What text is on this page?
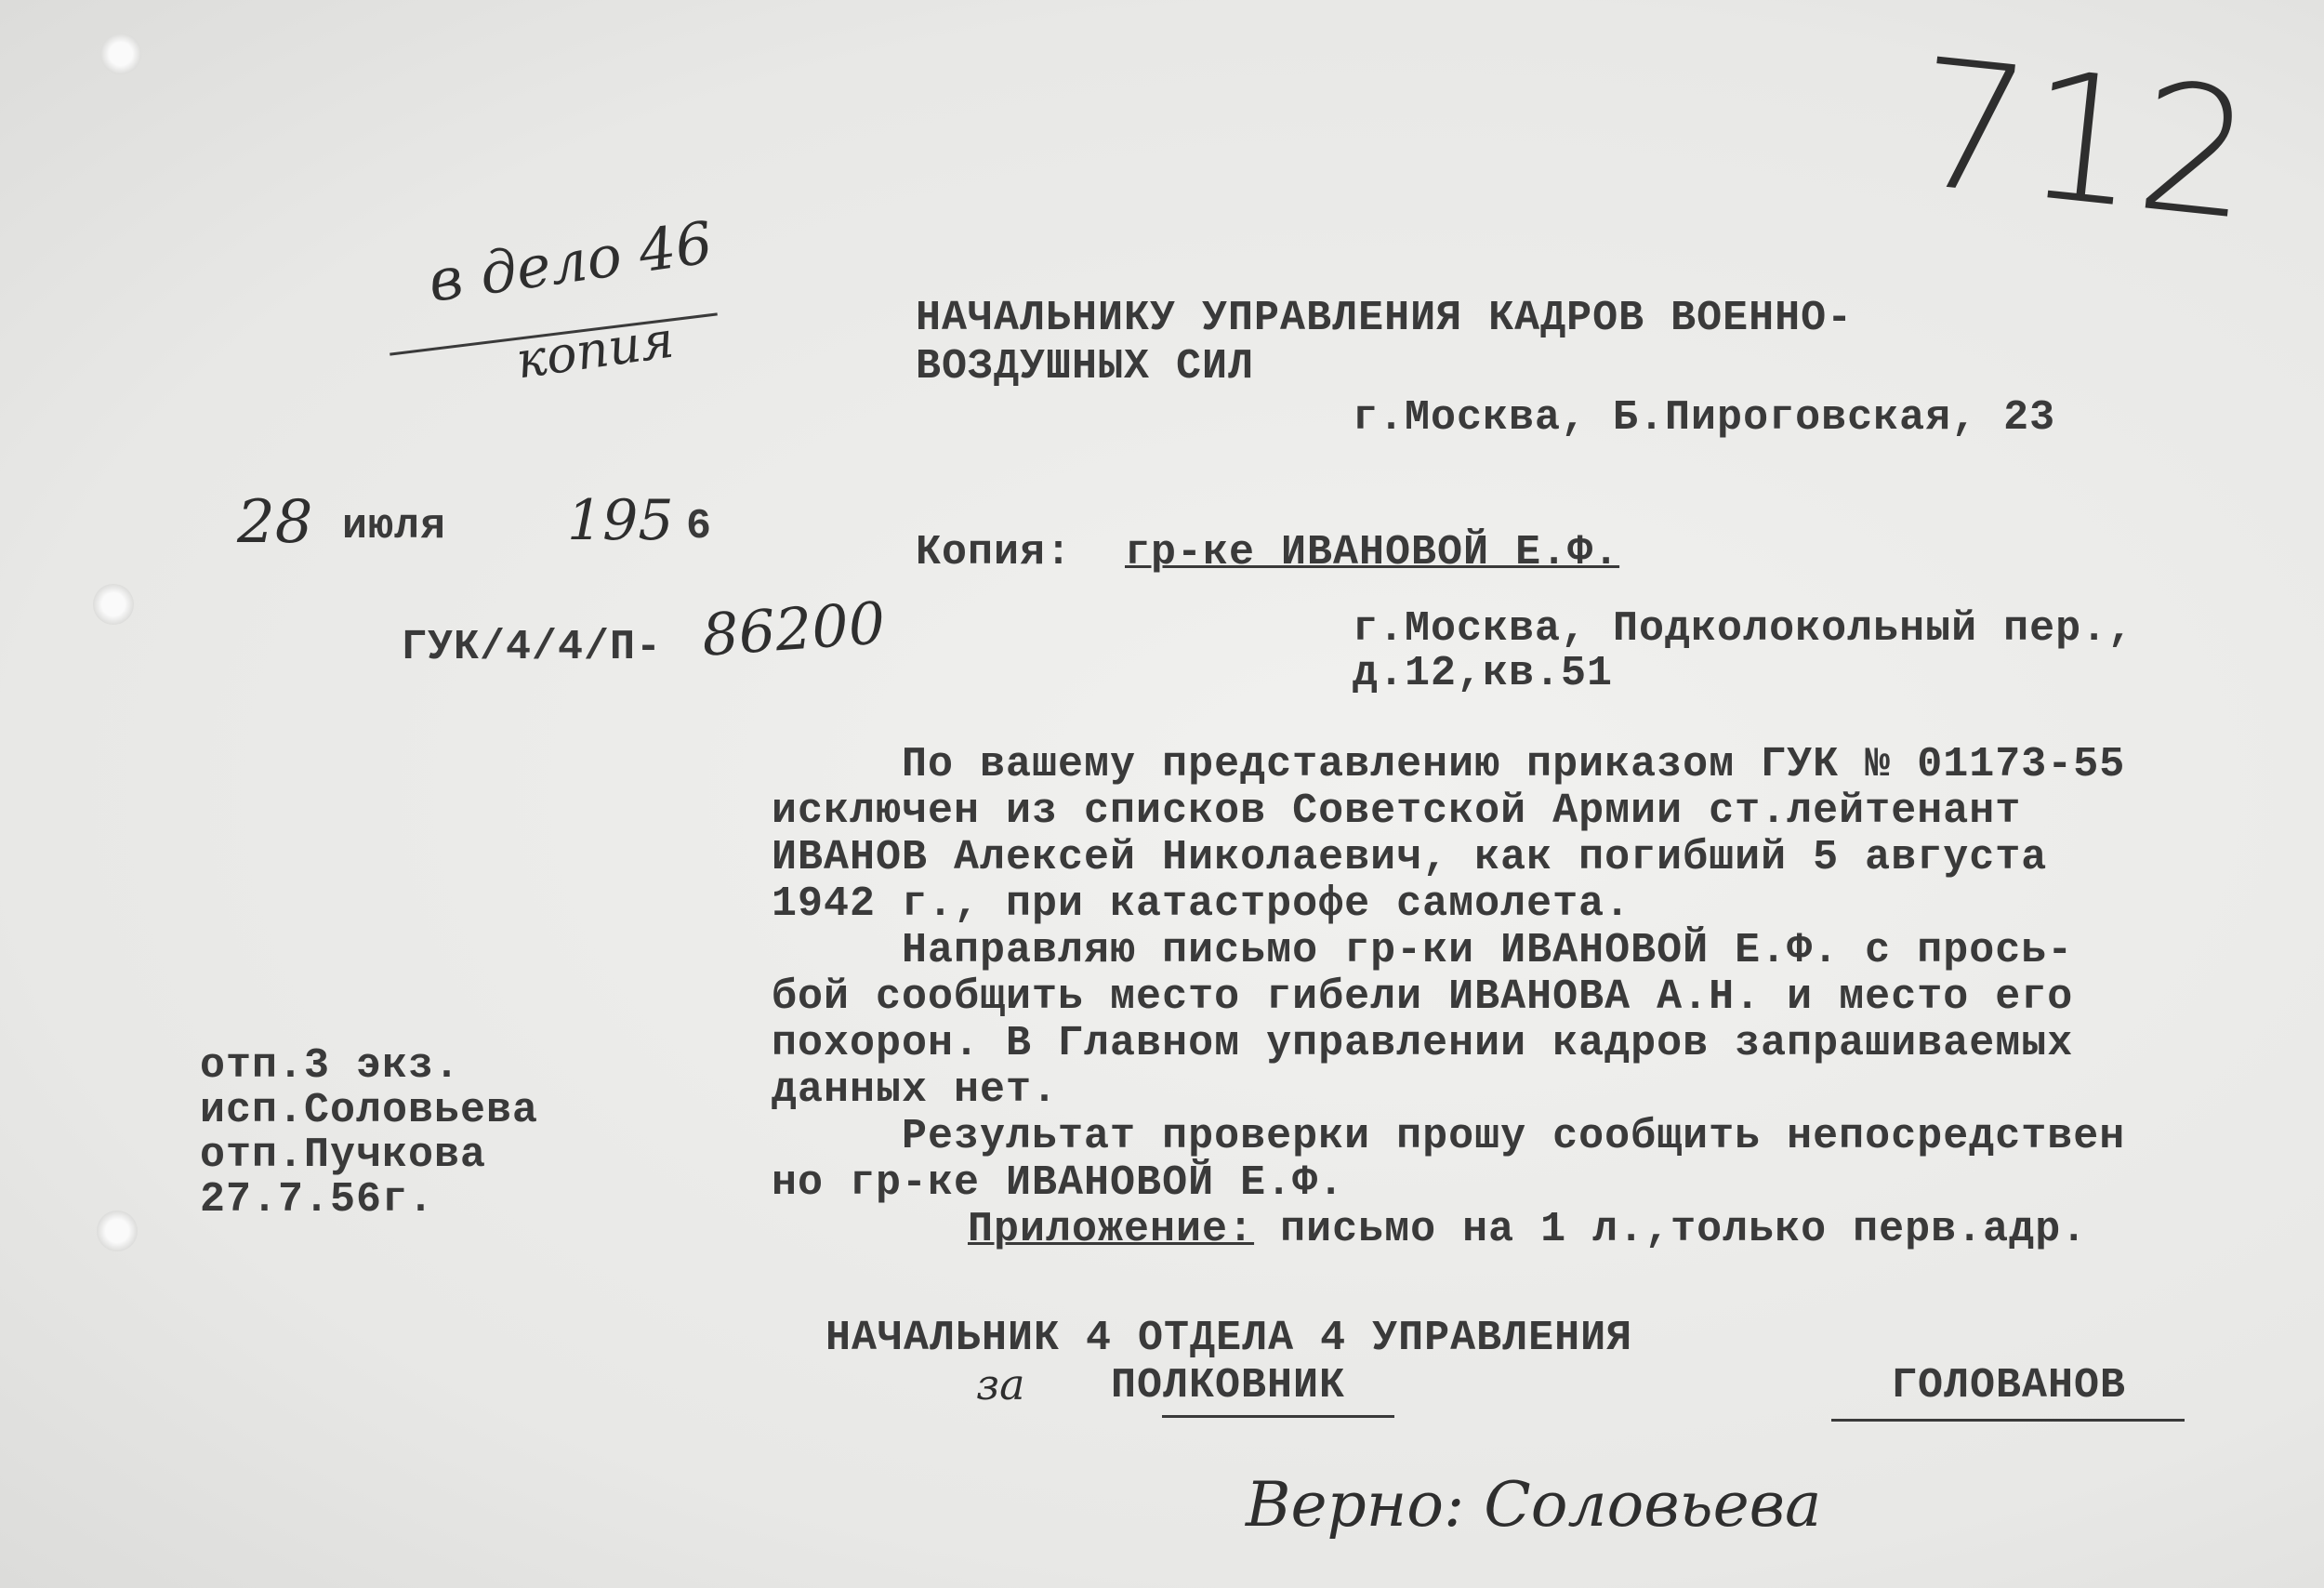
712
в дело 46
копия
28 июля 195 6
ГУК/4/4/П- 86200
НАЧАЛЬНИКУ УПРАВЛЕНИЯ КАДРОВ ВОЕННО-
ВОЗДУШНЫХ СИЛ
г.Москва, Б.Пироговская, 23
Копия: гр-ке ИВАНОВОЙ Е.Ф.
г.Москва, Подколокольный пер.,
д.12,кв.51
По вашему представлению приказом ГУК № 01173-55
исключен из списков Советской Армии ст.лейтенант
ИВАНОВ Алексей Николаевич, как погибший 5 августа
1942 г., при катастрофе самолета.
Направляю письмо гр-ки ИВАНОВОЙ Е.Ф. с прось-
бой сообщить место гибели ИВАНОВА А.Н. и место его
похорон. В Главном управлении кадров запрашиваемых
данных нет.
Результат проверки прошу сообщить непосредствен
но гр-ке ИВАНОВОЙ Е.Ф.
Приложение: письмо на 1 л.,только перв.адр.
отп.3 экз.
исп.Соловьева
отп.Пучкова
27.7.56г.
НАЧАЛЬНИК 4 ОТДЕЛА 4 УПРАВЛЕНИЯ
за ПОЛКОВНИК	ГОЛОВАНОВ
Верно: Соловьева
